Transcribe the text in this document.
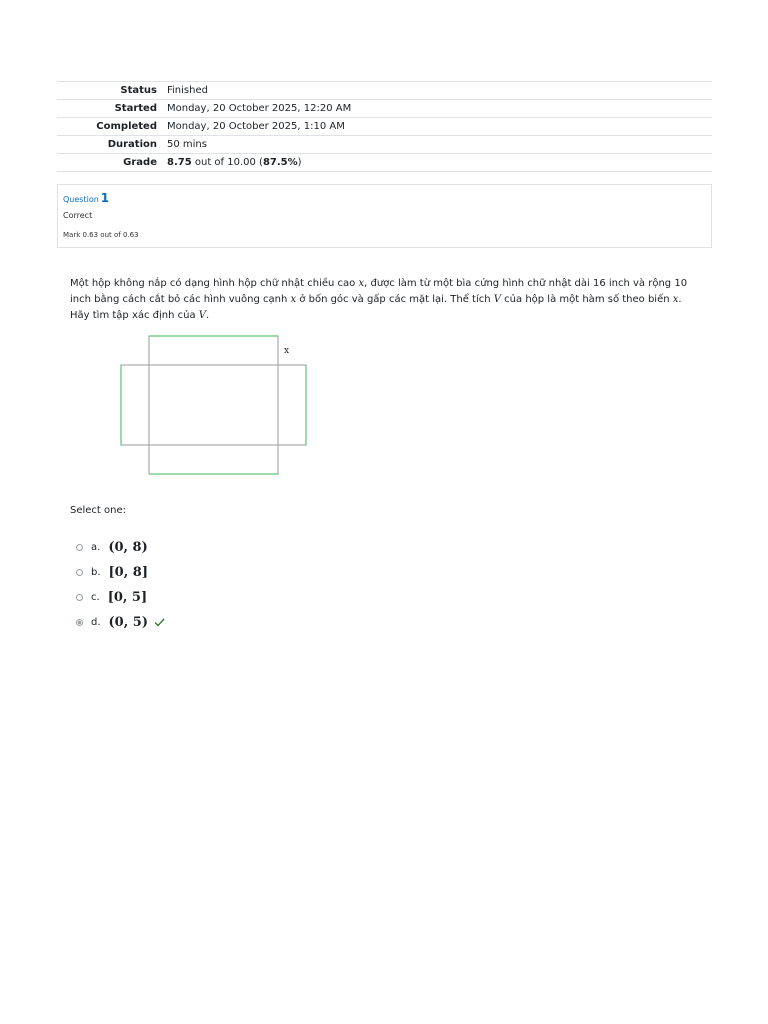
Status	Finished
Started	Monday, 20 October 2025, 12:20 AM
Completed	Monday, 20 October 2025, 1:10 AM
Duration	50 mins
Grade	8.75 out of 10.00 (87.5%)
Question 1
Correct
Mark 0.63 out of 0.63
Một hộp không nắp có dạng hình hộp chữ nhật chiều cao x, được làm từ một bìa cứng hình chữ nhật dài 16 inch và rộng 10 inch bằng cách cắt bỏ các hình vuông cạnh x ở bốn góc và gấp các mặt lại. Thể tích V của hộp là một hàm số theo biến x. Hãy tìm tập xác định của V.
x
Select one:
a. (0, 8)
b. [0, 8]
c. [0, 5]
d. (0, 5)
